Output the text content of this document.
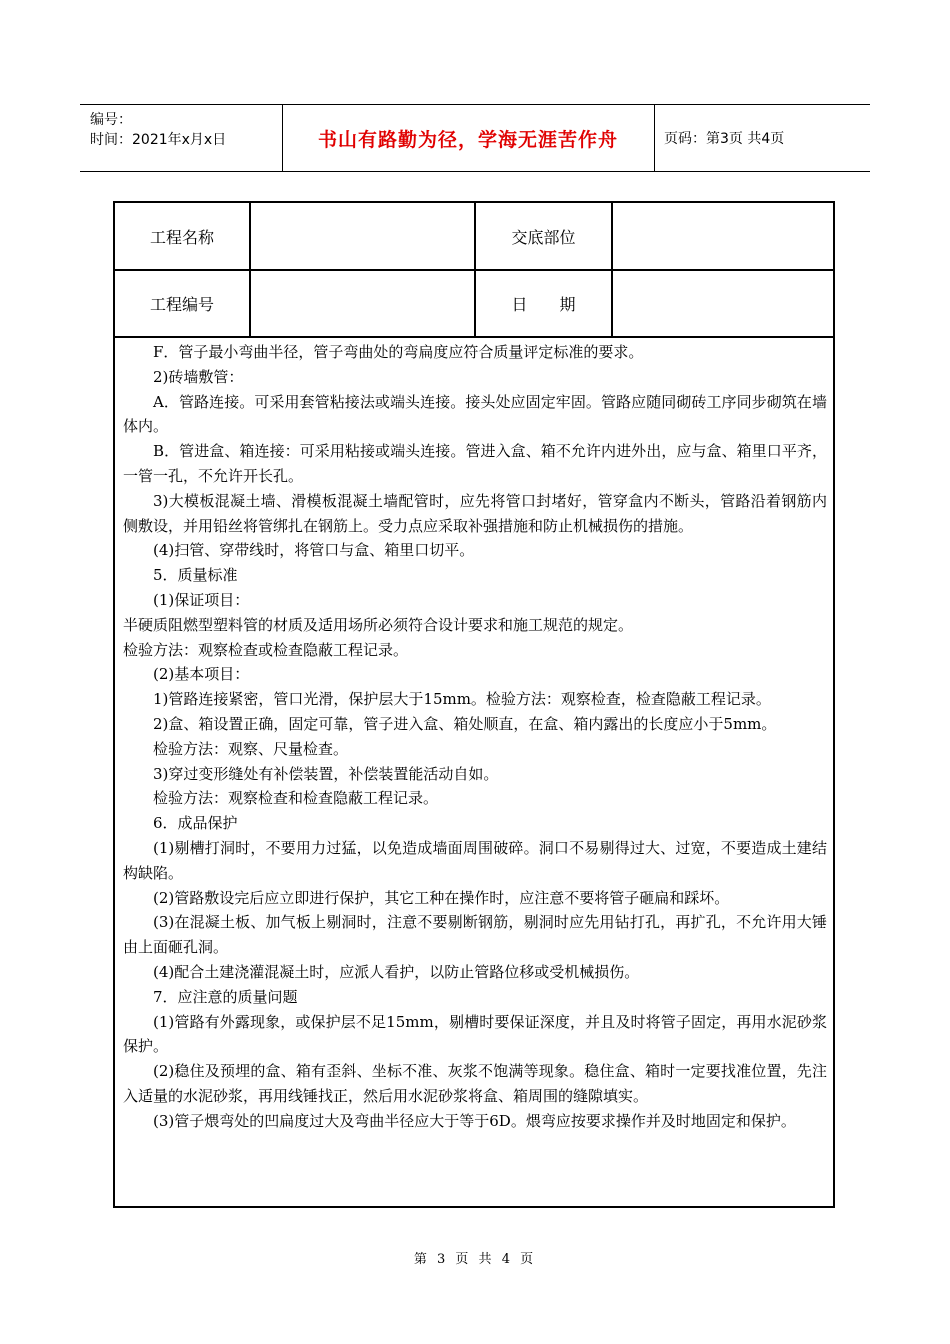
编号：
时间：2021年x月x日	书山有路勤为径，学海无涯苦作舟	页码：第3页 共4页
工程名称	交底部位
工程编号	日　　期

F．管子最小弯曲半径，管子弯曲处的弯扁度应符合质量评定标准的要求。

2)砖墙敷管：

A．管路连接。可采用套管粘接法或端头连接。接头处应固定牢固。管路应随同砌砖工序同步砌筑在墙体内。

B．管进盒、箱连接：可采用粘接或端头连接。管进入盒、箱不允许内进外出，应与盒、箱里口平齐，一管一孔，不允许开长孔。

3)大模板混凝土墙、滑模板混凝土墙配管时，应先将管口封堵好，管穿盒内不断头，管路沿着钢筋内侧敷设，并用铅丝将管绑扎在钢筋上。受力点应采取补强措施和防止机械损伤的措施。

(4)扫管、穿带线时，将管口与盒、箱里口切平。

5．质量标准

(1)保证项目：

半硬质阻燃型塑料管的材质及适用场所必须符合设计要求和施工规范的规定。

检验方法：观察检查或检查隐蔽工程记录。

(2)基本项目：

1)管路连接紧密，管口光滑，保护层大于15mm。检验方法：观察检查，检查隐蔽工程记录。

2)盒、箱设置正确，固定可靠，管子进入盒、箱处顺直，在盒、箱内露出的长度应小于5mm。

检验方法：观察、尺量检查。

3)穿过变形缝处有补偿装置，补偿装置能活动自如。

检验方法：观察检查和检查隐蔽工程记录。

6．成品保护

(1)剔槽打洞时，不要用力过猛，以免造成墙面周围破碎。洞口不易剔得过大、过宽，不要造成土建结构缺陷。

(2)管路敷设完后应立即进行保护，其它工种在操作时，应注意不要将管子砸扁和踩坏。

(3)在混凝土板、加气板上剔洞时，注意不要剔断钢筋，剔洞时应先用钻打孔，再扩孔，不允许用大锤由上面砸孔洞。

(4)配合土建浇灌混凝土时，应派人看护，以防止管路位移或受机械损伤。

7．应注意的质量问题

(1)管路有外露现象，或保护层不足15mm，剔槽时要保证深度，并且及时将管子固定，再用水泥砂浆保护。

(2)稳住及预埋的盒、箱有歪斜、坐标不准、灰浆不饱满等现象。稳住盒、箱时一定要找准位置，先注入适量的水泥砂浆，再用线锤找正，然后用水泥砂浆将盒、箱周围的缝隙填实。

(3)管子煨弯处的凹扁度过大及弯曲半径应大于等于6D。煨弯应按要求操作并及时地固定和保护。

第 3 页 共 4 页
